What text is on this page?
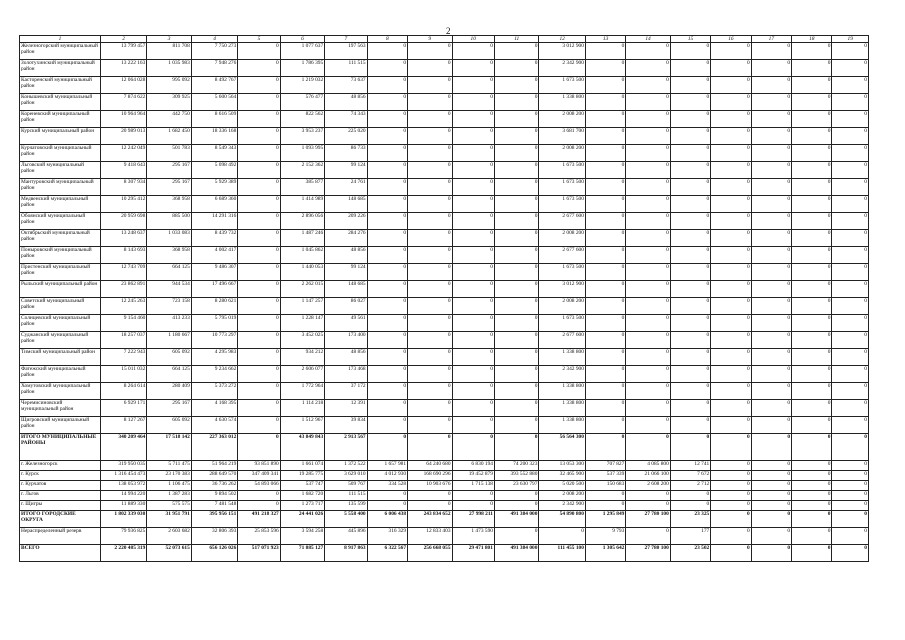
2
1	2	3	4	5	6	7	8	9	10	11	12	13	14	15	16	17	18	19
Железногорский муниципальный район	13 799 457	811 708	7 750 273	0	1 077 637	197 563	0	0	0	0	3 012 900	0	0	0	0	0	0	0
Золотухинский муниципальный район	13 222 163	1 035 983	7 948 276	0	1 786 395	111 515	0	0	0	0	2 342 900	0	0	0	0	0	0	0
Касторенский муниципальный район	12 064 028	995 092	8 492 767	0	1 219 032	73 637	0	0	0	0	1 673 500	0	0	0	0	0	0	0
Конышевский муниципальный район	7 874 622	309 925	5 600 564	0	576 477	48 856	0	0	0	0	1 338 800	0	0	0	0	0	0	0
Кореневский муниципальный район	10 964 964	442 750	8 616 509	0	822 562	74 343	0	0	0	0	2 008 200	0	0	0	0	0	0	0
Курский муниципальный район	20 989 013	1 682 450	18 336 168	0	3 953 237	225 020	0	0	0	0	3 681 700	0	0	0	0	0	0	0
Курчатовский муниципальный район	12 242 049	501 783	8 549 343	0	1 093 995	86 733	0	0	0	0	2 008 200	0	0	0	0	0	0	0
Льговский муниципальный район	9 418 643	295 167	5 098 492	0	2 152 362	99 124	0	0	0	0	1 673 500	0	0	0	0	0	0	0
Мантуровский муниципальный район	8 307 934	295 167	5 929 389	0	385 877	24 761	0	0	0	0	1 673 500	0	0	0	0	0	0	0
Медвенский муниципальный район	10 295 412	368 958	6 689 360	0	1 414 989	148 685	0	0	0	0	1 673 500	0	0	0	0	0	0	0
Обоянский муниципальный район	20 959 698	885 500	14 291 316	0	2 896 056	209 226	0	0	0	0	2 677 600	0	0	0	0	0	0	0
Октябрьский муниципальный район	13 248 637	1 033 083	8 439 732	0	1 487 246	284 276	0	0	0	0	2 008 200	0	0	0	0	0	0	0
Поныровский муниципальный район	8 143 693	368 958	4 002 417	0	1 045 862	48 856	0	0	0	0	2 677 600	0	0	0	0	0	0	0
Пристенский муниципальный район	12 743 709	664 125	9 486 307	0	1 440 053	99 124	0	0	0	0	1 673 500	0	0	0	0	0	0	0
Рыльский муниципальный район	23 862 891	944 534	17 496 667	0	2 262 015	148 685	0	0	0	0	3 012 900	0	0	0	0	0	0	0
Советский муниципальный район	12 245 263	723 158	8 280 621	0	1 147 257	86 027	0	0	0	0	2 008 200	0	0	0	0	0	0	0
Солнцевский муниципальный район	9 154 460	413 233	5 795 019	0	1 228 147	49 561	0	0	0	0	1 673 500	0	0	0	0	0	0	0
Суджанский муниципальный район	18 257 037	1 180 667	10 773 297	0	3 452 025	173 400	0	0	0	0	2 677 600	0	0	0	0	0	0	0
Тимский муниципальный район	7 222 943	605 092	4 295 983	0	934 212	48 856	0	0	0	0	1 338 800	0	0	0	0	0	0	0
Фатежский муниципальный район	15 011 032	664 125	9 234 662	0	2 606 077	173 468	0	0	0	0	2 342 900	0	0	0	0	0	0	0
Хомутовский муниципальный район	8 264 614	280 409	5 373 272	0	1 772 964	37 172	0	0	0	0	1 338 800	0	0	0	0	0	0	0
Черемисиновский муниципальный район	6 929 171	295 167	4 168 395	0	1 114 218	12 391	0	0	0	0	1 338 800	0	0	0	0	0	0	0
Щигровский муниципальный район	8 127 267	605 092	4 630 574	0	1 512 967	39 834	0	0	0	0	1 338 800	0	0	0	0	0	0	0
ИТОГО МУНИЦИПАЛЬНЫЕ РАЙОНЫ	340 209 464	17 518 142	227 363 012	0	43 849 843	2 913 567	0	0	0	0	56 564 300	0	0	0	0	0	0	0
г. Железногорск	319 950 035	5 711 475	51 964 219	93 851 890	1 661 074	1 372 522	1 657 981	64 240 680	6 830 194	74 200 323	13 053 300	707 827	4 085 800	12 741	0	0	0	0
г. Курск	1 316 454 473	23 170 383	288 649 570	347 409 341	19 285 775	3 629 010	4 012 930	168 690 296	19 452 879	393 552 880	32 465 900	537 339	21 066 100	7 672	0	0	0	0
г. Курчатов	138 053 972	1 106 475	36 736 262	54 893 066	537 747	509 767	334 528	10 903 676	1 715 138	23 630 797	5 020 500	150 683	2 608 200	2 712	0	0	0	0
г. Льгов	14 994 220	1 387 283	9 894 502	0	1 682 720	111 515	0	0	0	0	2 008 200	0	0	0	0	0	0	0
г. Щигры	11 889 330	575 575	7 481 548	0	1 273 717	135 599	0	0	0	0	2 342 900	0	0	0	0	0	0	0
ИТОГО ГОРОДСКИЕ ОКРУГА	1 802 339 030	31 951 791	395 956 151	491 218 327	24 441 026	5 558 400	6 006 438	243 834 652	27 998 211	491 384 000	54 890 800	1 295 849	27 780 100	23 325	0	0	0	0
Нераспределенный резерв	79 936 825	2 603 682	32 806 393	25 853 596	3 594 258	445 896	316 329	12 833 403	1 473 590	0	0	9 793	0	177	0	0	0	0
ВСЕГО	2 220 485 319	52 073 615	656 126 026	517 071 923	71 885 127	8 917 863	6 322 567	256 668 055	29 471 801	491 384 000	111 455 100	1 305 642	27 780 100	23 502	0	0	0	0
